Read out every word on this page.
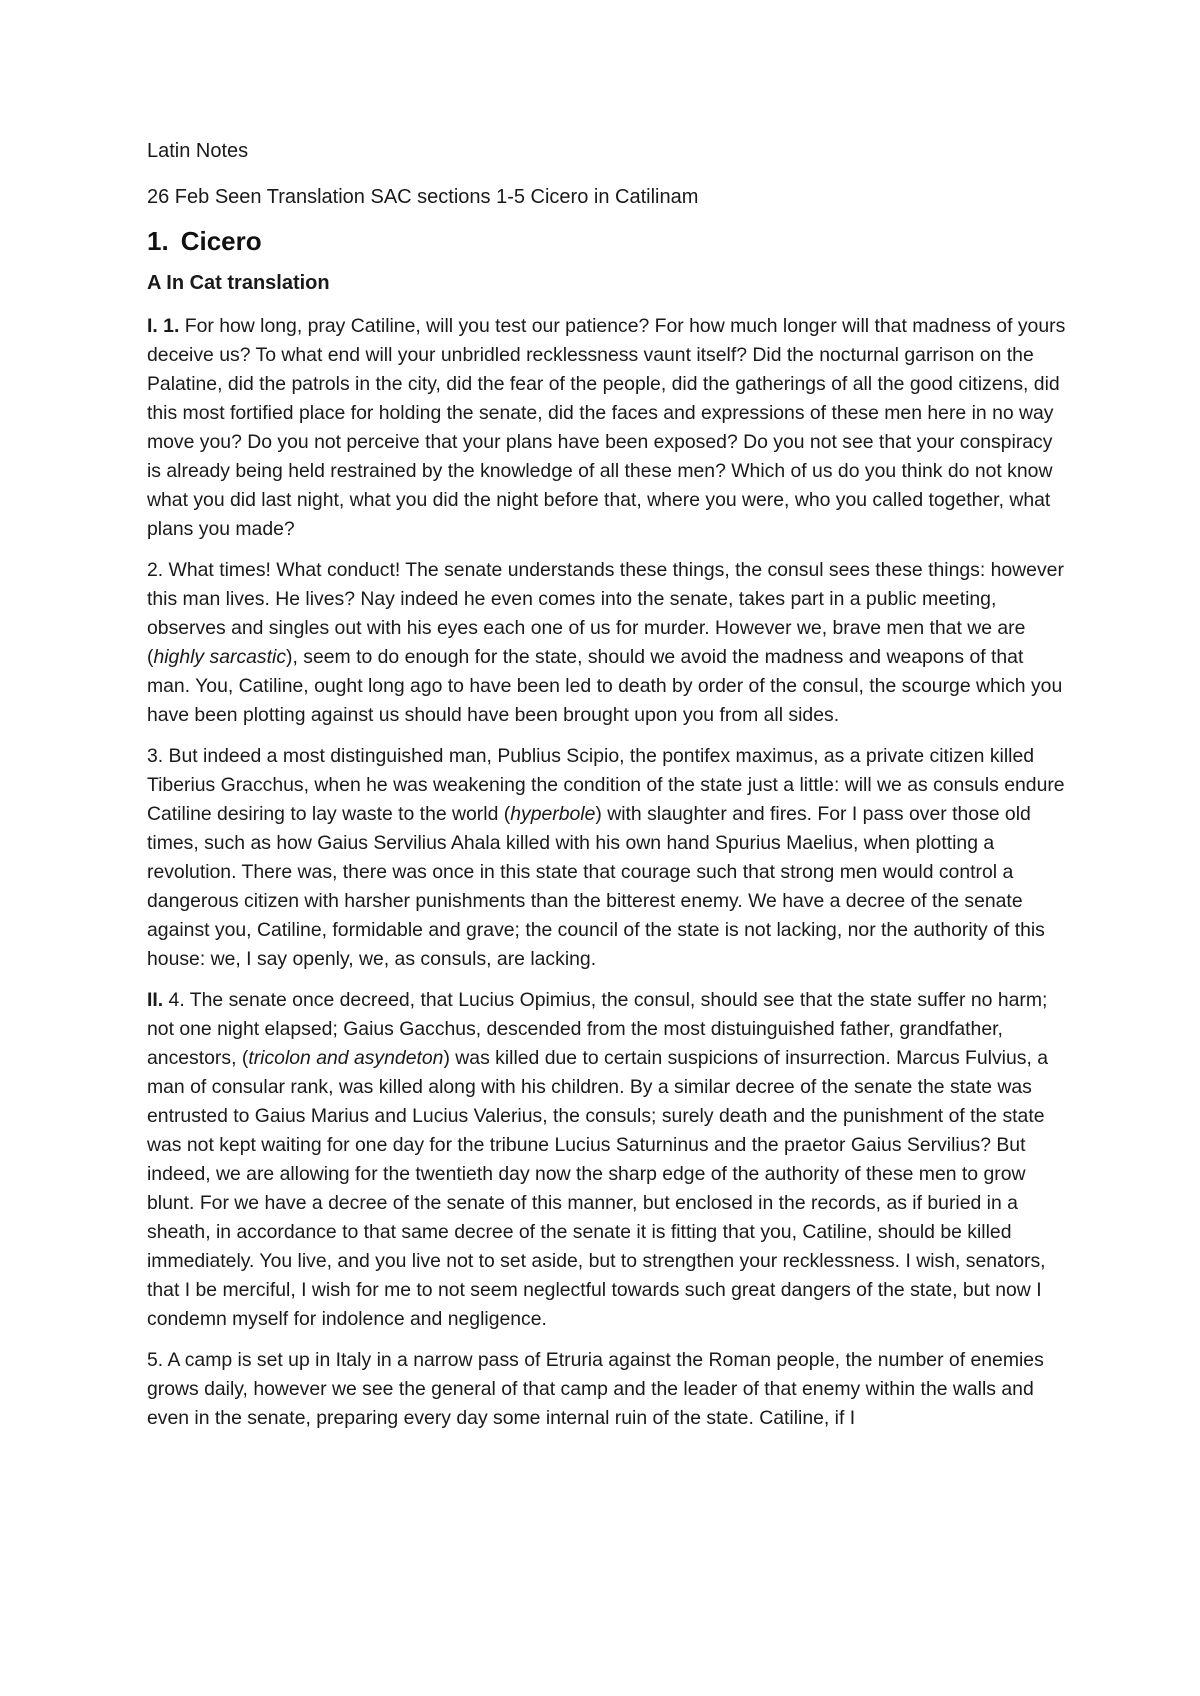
Latin Notes
26 Feb Seen Translation SAC sections 1-5 Cicero in Catilinam
1. Cicero
A In Cat translation

I. 1. For how long, pray Catiline, will you test our patience? For how much longer will that madness of yours deceive us? To what end will your unbridled recklessness vaunt itself? Did the nocturnal garrison on the Palatine, did the patrols in the city, did the fear of the people, did the gatherings of all the good citizens, did this most fortified place for holding the senate, did the faces and expressions of these men here in no way move you? Do you not perceive that your plans have been exposed? Do you not see that your conspiracy is already being held restrained by the knowledge of all these men? Which of us do you think do not know what you did last night, what you did the night before that, where you were, who you called together, what plans you made?

2. What times! What conduct! The senate understands these things, the consul sees these things: however this man lives. He lives? Nay indeed he even comes into the senate, takes part in a public meeting, observes and singles out with his eyes each one of us for murder. However we, brave men that we are (highly sarcastic), seem to do enough for the state, should we avoid the madness and weapons of that man. You, Catiline, ought long ago to have been led to death by order of the consul, the scourge which you have been plotting against us should have been brought upon you from all sides.

3. But indeed a most distinguished man, Publius Scipio, the pontifex maximus, as a private citizen killed Tiberius Gracchus, when he was weakening the condition of the state just a little: will we as consuls endure Catiline desiring to lay waste to the world (hyperbole) with slaughter and fires. For I pass over those old times, such as how Gaius Servilius Ahala killed with his own hand Spurius Maelius, when plotting a revolution. There was, there was once in this state that courage such that strong men would control a dangerous citizen with harsher punishments than the bitterest enemy. We have a decree of the senate against you, Catiline, formidable and grave; the council of the state is not lacking, nor the authority of this house: we, I say openly, we, as consuls, are lacking.

II. 4. The senate once decreed, that Lucius Opimius, the consul, should see that the state suffer no harm; not one night elapsed; Gaius Gacchus, descended from the most distuinguished father, grandfather, ancestors, (tricolon and asyndeton) was killed due to certain suspicions of insurrection. Marcus Fulvius, a man of consular rank, was killed along with his children. By a similar decree of the senate the state was entrusted to Gaius Marius and Lucius Valerius, the consuls; surely death and the punishment of the state was not kept waiting for one day for the tribune Lucius Saturninus and the praetor Gaius Servilius? But indeed, we are allowing for the twentieth day now the sharp edge of the authority of these men to grow blunt. For we have a decree of the senate of this manner, but enclosed in the records, as if buried in a sheath, in accordance to that same decree of the senate it is fitting that you, Catiline, should be killed immediately. You live, and you live not to set aside, but to strengthen your recklessness. I wish, senators, that I be merciful, I wish for me to not seem neglectful towards such great dangers of the state, but now I condemn myself for indolence and negligence.

5. A camp is set up in Italy in a narrow pass of Etruria against the Roman people, the number of enemies grows daily, however we see the general of that camp and the leader of that enemy within the walls and even in the senate, preparing every day some internal ruin of the state. Catiline, if I
